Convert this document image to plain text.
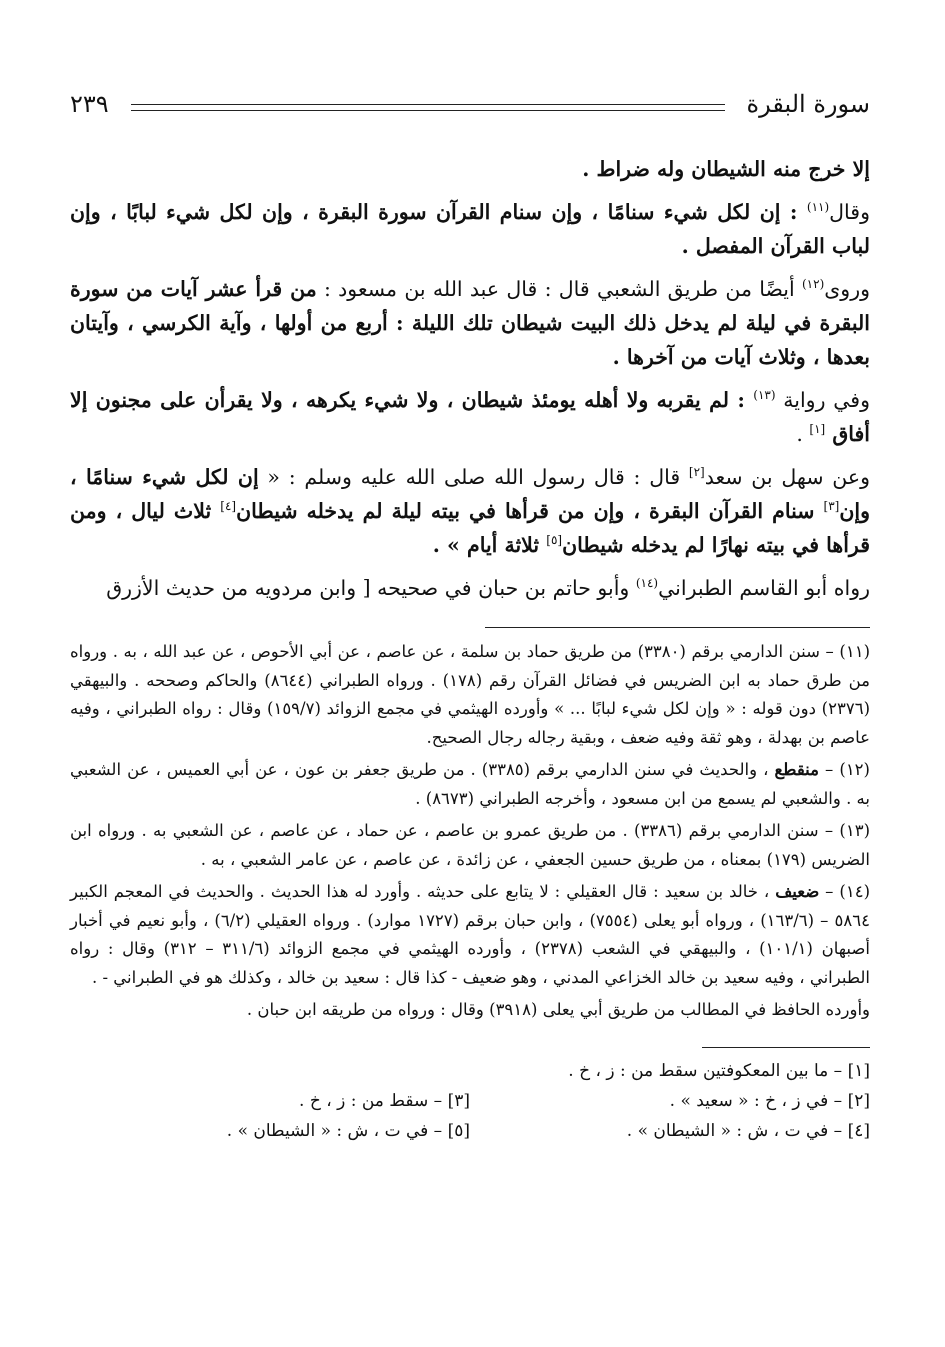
سورة البقرة
٢٣٩

إلا خرج منه الشيطان وله ضراط .

وقال$^{(١١)}$ : إن لكل شيء سنامًا ، وإن سنام القرآن سورة البقرة ، وإن لكل شيء لبابًا ، وإن لباب القرآن المفصل .

وروى$^{(١٢)}$ أيضًا من طريق الشعبي قال : قال عبد الله بن مسعود : من قرأ عشر آيات من سورة البقرة في ليلة لم يدخل ذلك البيت شيطان تلك الليلة : أربع من أولها ، وآية الكرسي ، وآيتان بعدها ، وثلاث آيات من آخرها .

وفي رواية $^{(١٣)}$ : لم يقربه ولا أهله يومئذ شيطان ، ولا شيء يكرهه ، ولا يقرأن على مجنون إلا أفاق [١] .

وعن سهل بن سعد[٢] قال : قال رسول الله صلى الله عليه وسلم : « إن لكل شيء سنامًا ، وإن[٣] سنام القرآن البقرة ، وإن من قرأها في بيته ليلة لم يدخله شيطان[٤] ثلاث ليال ، ومن قرأها في بيته نهارًا لم يدخله شيطان[٥] ثلاثة أيام » .

رواه أبو القاسم الطبراني$^{(١٤)}$ وأبو حاتم بن حبان في صحيحه [ وابن مردويه من حديث الأزرق

(١١) – سنن الدارمي برقم (٣٣٨٠) من طريق حماد بن سلمة ، عن عاصم ، عن أبي الأحوص ، عن عبد الله ، به . ورواه من طرق حماد به ابن الضريس في فضائل القرآن رقم (١٧٨) . ورواه الطبراني (٨٦٤٤) والحاكم وصححه . والبيهقي (٢٣٧٦) دون قوله : « وإن لكل شيء لبابًا ... » وأورده الهيثمي في مجمع الزوائد (١٥٩/٧) وقال : رواه الطبراني ، وفيه عاصم بن بهدلة ، وهو ثقة وفيه ضعف ، وبقية رجاله رجال الصحيح.

(١٢) – منقطع ، والحديث في سنن الدارمي برقم (٣٣٨٥) . من طريق جعفر بن عون ، عن أبي العميس ، عن الشعبي به . والشعبي لم يسمع من ابن مسعود ، وأخرجه الطبراني (٨٦٧٣) .

(١٣) – سنن الدارمي برقم (٣٣٨٦) . من طريق عمرو بن عاصم ، عن حماد ، عن عاصم ، عن الشعبي به . ورواه ابن الضريس (١٧٩) بمعناه ، من طريق حسين الجعفي ، عن زائدة ، عن عاصم ، عن عامر الشعبي ، به .

(١٤) – ضعيف ، خالد بن سعيد : قال العقيلي : لا يتابع على حديثه . وأورد له هذا الحديث . والحديث في المعجم الكبير ٥٨٦٤ – (١٦٣/٦) ، ورواه أبو يعلى (٧٥٥٤) ، وابن حبان برقم (١٧٢٧ موارد) . ورواه العقيلي (٦/٢) ، وأبو نعيم في أخبار أصبهان (١٠١/١) ، والبيهقي في الشعب (٢٣٧٨) ، وأورده الهيثمي في مجمع الزوائد (٣١١/٦ – ٣١٢) وقال : رواه الطبراني ، وفيه سعيد بن خالد الخزاعي المدني ، وهو ضعيف - كذا قال : سعيد بن خالد ، وكذلك هو في الطبراني - .

وأورده الحافظ في المطالب من طريق أبي يعلى (٣٩١٨) وقال : ورواه من طريقه ابن حبان .

[١] – ما بين المعكوفتين سقط من : ز ، خ .
[٢] – في ز ، خ : « سعيد » .
[٣] – سقط من : ز ، خ .
[٤] – في ت ، ش : « الشيطان » .
[٥] – في ت ، ش : « الشيطان » .
